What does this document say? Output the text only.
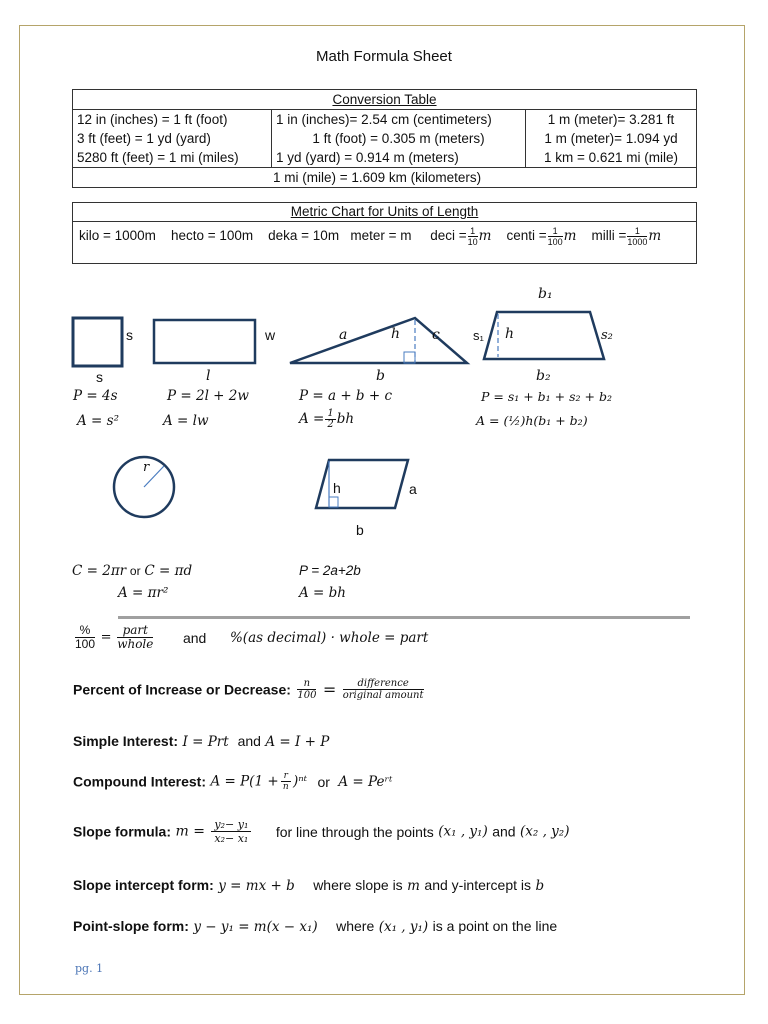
Math Formula Sheet
Conversion Table		
12 in (inches) = 1 ft (foot)	1 in (inches)= 2.54 cm (centimeters)	1 m (meter)= 3.281 ft
3 ft (feet) = 1 yd (yard)	1 ft (foot) = 0.305 m (meters)	1 m (meter)= 1.094 yd
5280 ft (feet) = 1 mi (miles)	1 yd (yard) = 0.914 m (meters)	1 km = 0.621 mi (mile)
1 mi (mile) = 1.609 km (kilometers)		
Metric Chart for Units of Length
kilo = 1000m hecto = 100m deka = 10m meter = m deci = $\frac{1}{10}$ m centi = $\frac{1}{100}$ m milli = $\frac{1}{1000}$ m
s
s
w
l
a	h c
b
b₁
s₁ h	s₂
b₂
r
h	a
b
P = 4s
A = s²
P = 2l + 2w
A = lw
P = a + b + c
$A = \frac{1}{2}$ bh
P = s₁ + b₁ + s₂ + b₂
A = (½)h(b₁ + b₂)
C = 2πr or C = πd
A = πr²
P = 2a+2b
A = bh
%
100 = part
whole and %(as decimal) · whole = part
Percent of Increase or Decrease: $\frac{n}{100}$ =	difference
original amount
Simple Interest: I = Prt and A = I + P
Compound Interest: $A = P(1 + \frac{r}{n}$ )ⁿᵗ or A = Peʳᵗ
Slope formula: $m = \frac{\text{y₂− y₁}}{\text{x₂− x₁}}$ for line through the points (x₁ , y₁) and (x₂ , y₂)
Slope intercept form: y = mx + b where slope is m and y-intercept is b
Point-slope form: y − y₁ = m(x − x₁) where (x₁ , y₁) is a point on the line
pg. 1
